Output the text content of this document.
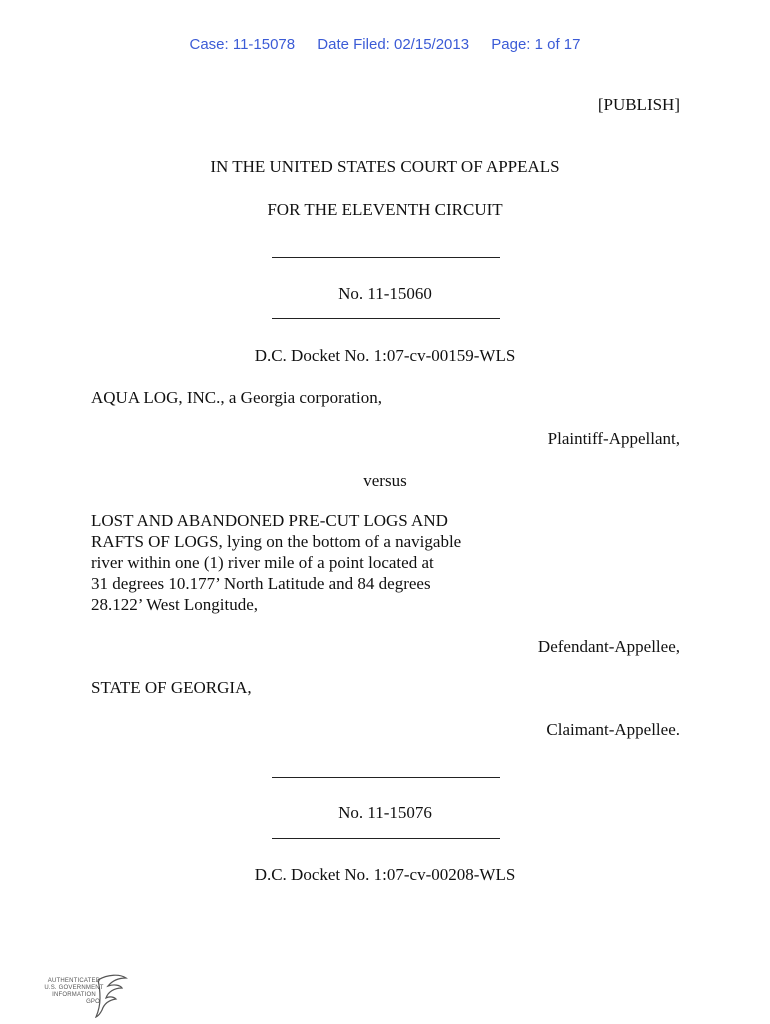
Case: 11-15078 Date Filed: 02/15/2013 Page: 1 of 17
[PUBLISH]
IN THE UNITED STATES COURT OF APPEALS
FOR THE ELEVENTH CIRCUIT
No. 11-15060
D.C. Docket No. 1:07-cv-00159-WLS
AQUA LOG, INC., a Georgia corporation,
Plaintiff-Appellant,
versus
LOST AND ABANDONED PRE-CUT LOGS AND
RAFTS OF LOGS, lying on the bottom of a navigable
river within one (1) river mile of a point located at
31 degrees 10.177’ North Latitude and 84 degrees
28.122’ West Longitude,
Defendant-Appellee,
STATE OF GEORGIA,
Claimant-Appellee.
No. 11-15076
D.C. Docket No. 1:07-cv-00208-WLS
AUTHENTICATED
U.S. GOVERNMENT
INFORMATION
GPO
